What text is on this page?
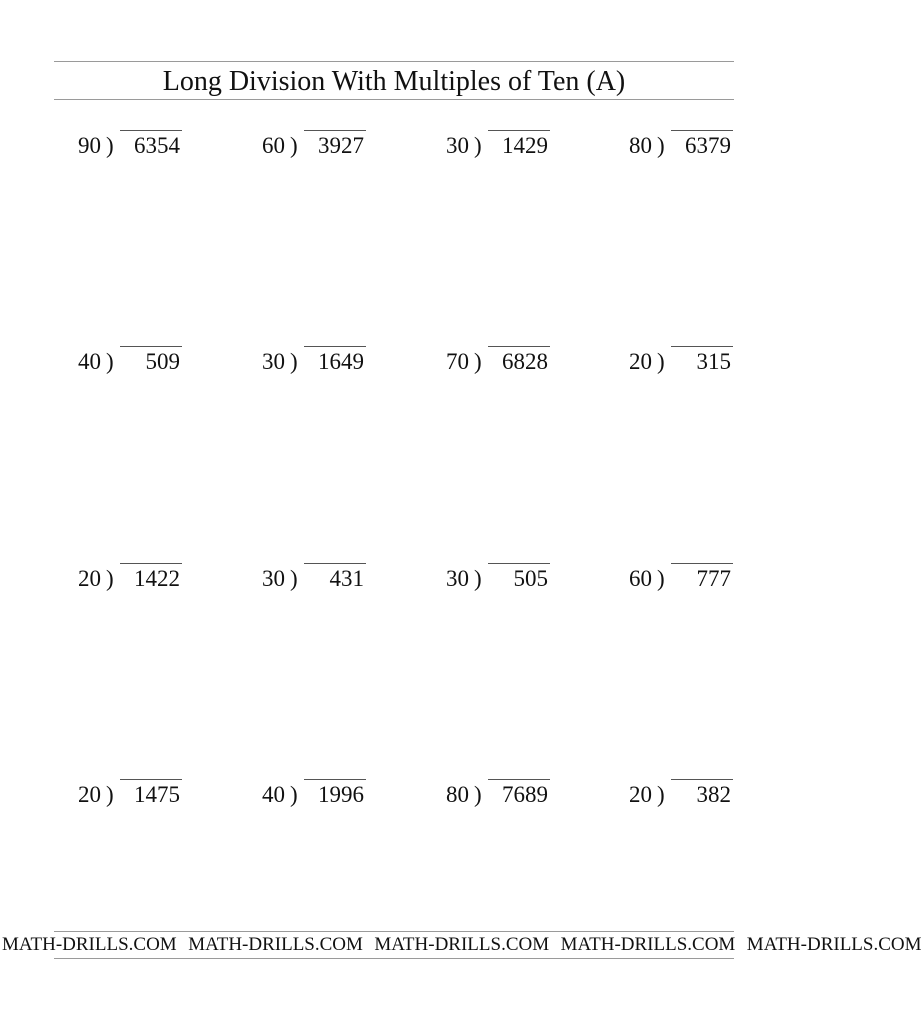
Long Division With Multiples of Ten (A)
90 ) 6354	60 ) 3927	30 ) 1429	80 ) 6379
40 )	509	30 ) 1649	70 ) 6828	20 )	315
20 ) 1422	30 )	431	30 )	505	60 )	777
20 ) 1475	40 ) 1996	80 ) 7689	20 )	382
MATH-DRILLS.COM  MATH-DRILLS.COM  MATH-DRILLS.COM  MATH-DRILLS.COM  MATH-DRILLS.COM
